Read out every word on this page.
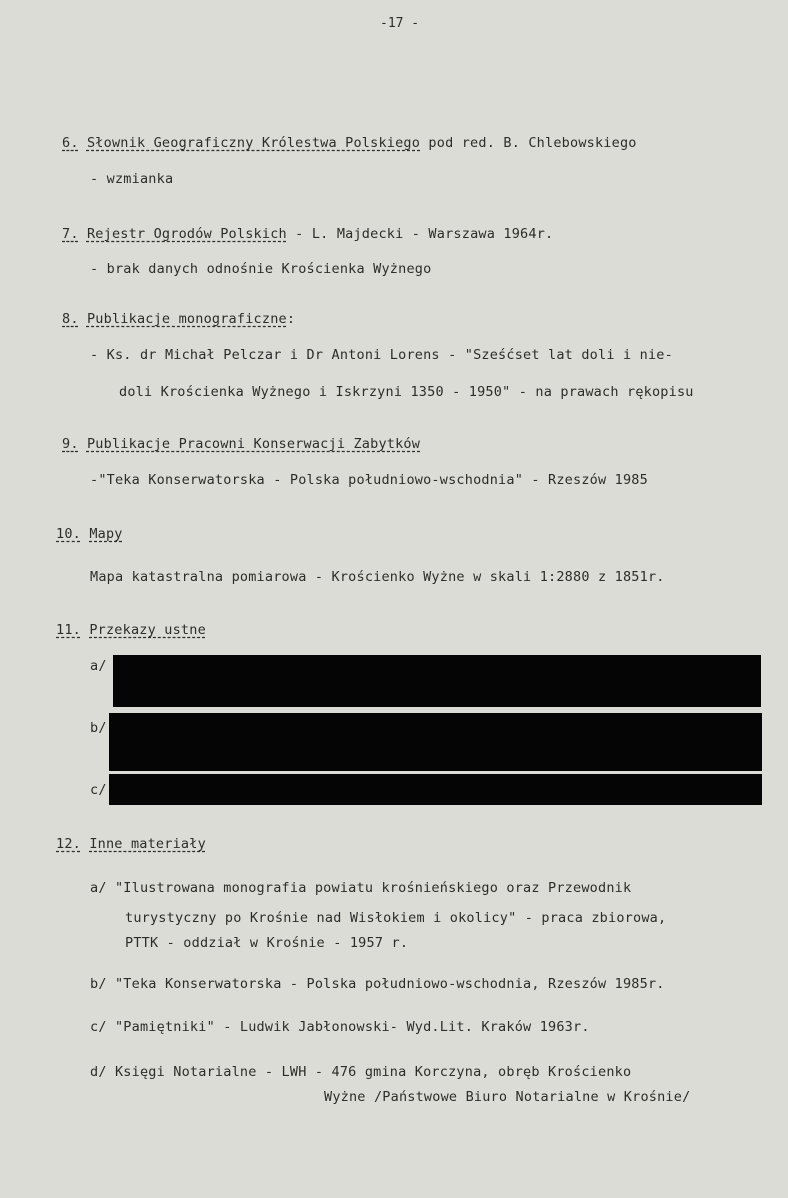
-17 -

6. Słownik Geograficzny Królestwa Polskiego pod red. B. Chlebowskiego

- wzmianka

7. Rejestr Ogrodów Polskich - L. Majdecki - Warszawa 1964r.

- brak danych odnośnie Krościenka Wyżnego

8. Publikacje monograficzne:

- Ks. dr Michał Pelczar i Dr Antoni Lorens - "Sześćset lat doli i nie-

doli Krościenka Wyżnego i Iskrzyni 1350 - 1950" - na prawach rękopisu

9. Publikacje Pracowni Konserwacji Zabytków

-"Teka Konserwatorska - Polska południowo-wschodnia" - Rzeszów 1985

10. Mapy

Mapa katastralna pomiarowa - Krościenko Wyżne w skali 1:2880 z 1851r.

11. Przekazy ustne

a/

b/

c/

12. Inne materiały

a/ "Ilustrowana monografia powiatu krośnieńskiego oraz Przewodnik

turystyczny po Krośnie nad Wisłokiem i okolicy" - praca zbiorowa,

PTTK - oddział w Krośnie - 1957 r.

b/ "Teka Konserwatorska - Polska południowo-wschodnia, Rzeszów 1985r.

c/ "Pamiętniki" - Ludwik Jabłonowski- Wyd.Lit. Kraków 1963r.

d/ Księgi Notarialne - LWH - 476 gmina Korczyna, obręb Krościenko

Wyżne /Państwowe Biuro Notarialne w Krośnie/
